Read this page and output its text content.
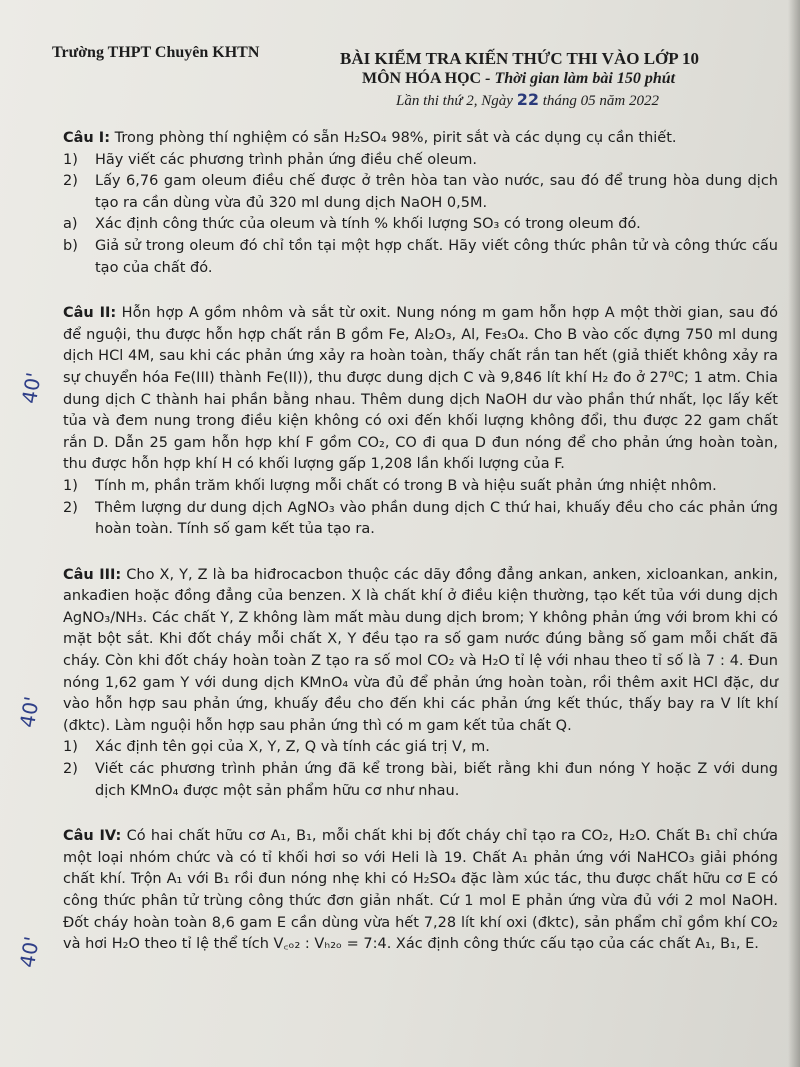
Trường THPT Chuyên KHTN	BÀI KIỂM TRA KIẾN THỨC THI VÀO LỚP 10
MÔN HÓA HỌC - Thời gian làm bài 150 phút
Lần thi thứ 2, Ngày 22 tháng 05 năm 2022

Câu I: Trong phòng thí nghiệm có sẵn H₂SO₄ 98%, pirit sắt và các dụng cụ cần thiết.

1) Hãy viết các phương trình phản ứng điều chế oleum.

2) Lấy 6,76 gam oleum điều chế được ở trên hòa tan vào nước, sau đó để trung hòa dung dịch tạo ra cần dùng vừa đủ 320 ml dung dịch NaOH 0,5M.

a) Xác định công thức của oleum và tính % khối lượng SO₃ có trong oleum đó.

b) Giả sử trong oleum đó chỉ tồn tại một hợp chất. Hãy viết công thức phân tử và công thức cấu tạo của chất đó.

Câu II: Hỗn hợp A gồm nhôm và sắt từ oxit. Nung nóng m gam hỗn hợp A một thời gian, sau đó để nguội, thu được hỗn hợp chất rắn B gồm Fe, Al₂O₃, Al, Fe₃O₄. Cho B vào cốc đựng 750 ml dung dịch HCl 4M, sau khi các phản ứng xảy ra hoàn toàn, thấy chất rắn tan hết (giả thiết không xảy ra sự chuyển hóa Fe(III) thành Fe(II)), thu được dung dịch C và 9,846 lít khí H₂ đo ở 27⁰C; 1 atm. Chia dung dịch C thành hai phần bằng nhau. Thêm dung dịch NaOH dư vào phần thứ nhất, lọc lấy kết tủa và đem nung trong điều kiện không có oxi đến khối lượng không đổi, thu được 22 gam chất rắn D. Dẫn 25 gam hỗn hợp khí F gồm CO₂, CO đi qua D đun nóng để cho phản ứng hoàn toàn, thu được hỗn hợp khí H có khối lượng gấp 1,208 lần khối lượng của F.

1) Tính m, phần trăm khối lượng mỗi chất có trong B và hiệu suất phản ứng nhiệt nhôm.

2) Thêm lượng dư dung dịch AgNO₃ vào phần dung dịch C thứ hai, khuấy đều cho các phản ứng hoàn toàn. Tính số gam kết tủa tạo ra.

Câu III: Cho X, Y, Z là ba hiđrocacbon thuộc các dãy đồng đẳng ankan, anken, xicloankan, ankin, ankađien hoặc đồng đẳng của benzen. X là chất khí ở điều kiện thường, tạo kết tủa với dung dịch AgNO₃/NH₃. Các chất Y, Z không làm mất màu dung dịch brom; Y không phản ứng với brom khi có mặt bột sắt. Khi đốt cháy mỗi chất X, Y đều tạo ra số gam nước đúng bằng số gam mỗi chất đã cháy. Còn khi đốt cháy hoàn toàn Z tạo ra số mol CO₂ và H₂O tỉ lệ với nhau theo tỉ số là 7 : 4. Đun nóng 1,62 gam Y với dung dịch KMnO₄ vừa đủ để phản ứng hoàn toàn, rồi thêm axit HCl đặc, dư vào hỗn hợp sau phản ứng, khuấy đều cho đến khi các phản ứng kết thúc, thấy bay ra V lít khí (đktc). Làm nguội hỗn hợp sau phản ứng thì có m gam kết tủa chất Q.

1) Xác định tên gọi của X, Y, Z, Q và tính các giá trị V, m.

2) Viết các phương trình phản ứng đã kể trong bài, biết rằng khi đun nóng Y hoặc Z với dung dịch KMnO₄ được một sản phẩm hữu cơ như nhau.

Câu IV: Có hai chất hữu cơ A₁, B₁, mỗi chất khi bị đốt cháy chỉ tạo ra CO₂, H₂O. Chất B₁ chỉ chứa một loại nhóm chức và có tỉ khối hơi so với Heli là 19. Chất A₁ phản ứng với NaHCO₃ giải phóng chất khí. Trộn A₁ với B₁ rồi đun nóng nhẹ khi có H₂SO₄ đặc làm xúc tác, thu được chất hữu cơ E có công thức phân tử trùng công thức đơn giản nhất. Cứ 1 mol E phản ứng vừa đủ với 2 mol NaOH. Đốt cháy hoàn toàn 8,6 gam E cần dùng vừa hết 7,28 lít khí oxi (đktc), sản phẩm chỉ gồm khí CO₂ và hơi H₂O theo tỉ lệ thể tích V꜀ₒ₂ : Vₕ₂ₒ = 7:4. Xác định công thức cấu tạo của các chất A₁, B₁, E.

40'
40'
40'
